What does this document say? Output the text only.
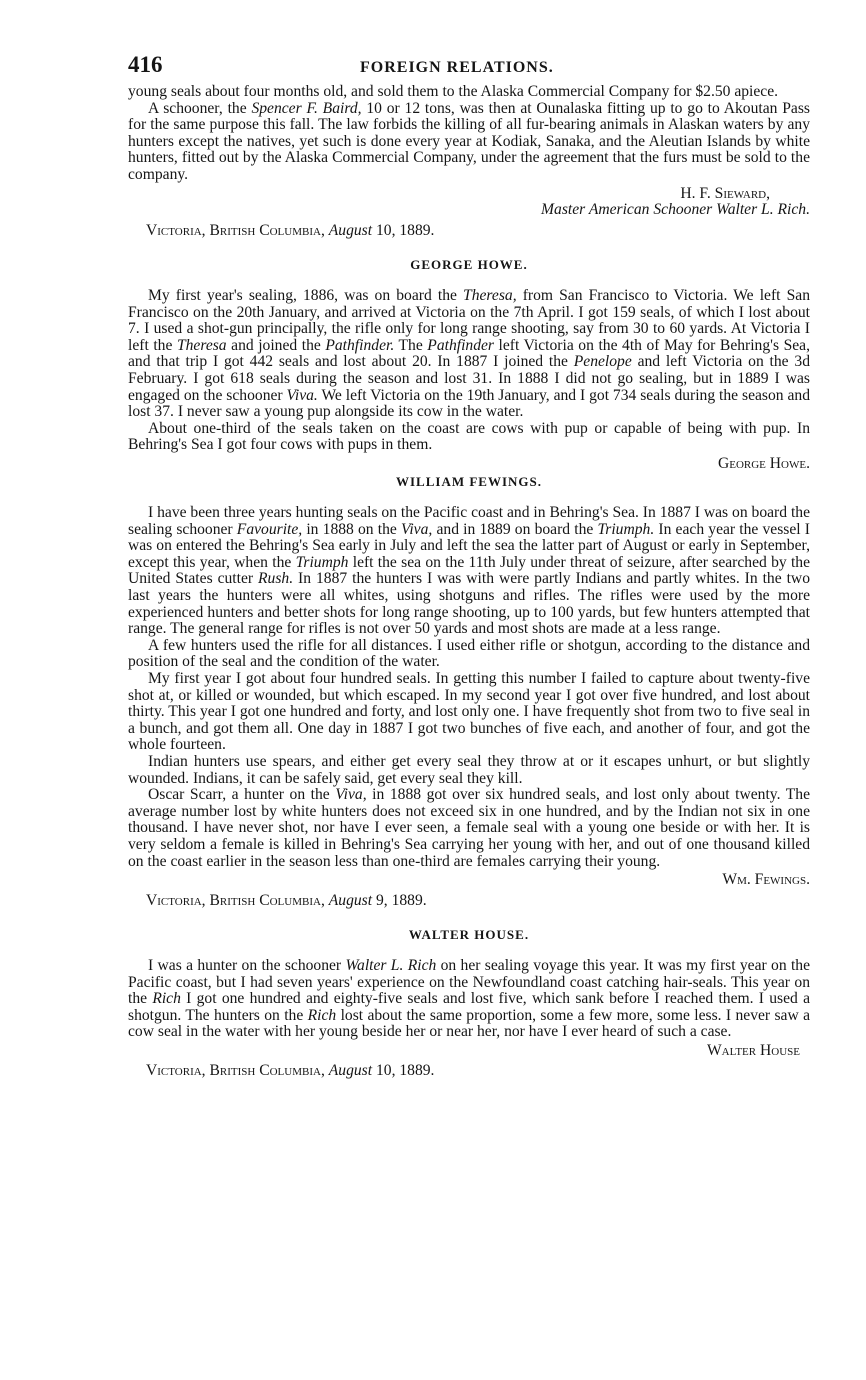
416	FOREIGN RELATIONS.

young seals about four months old, and sold them to the Alaska Commercial Company for $2.50 apiece.

A schooner, the Spencer F. Baird, 10 or 12 tons, was then at Ounalaska fitting up to go to Akoutan Pass for the same purpose this fall. The law forbids the killing of all fur-bearing animals in Alaskan waters by any hunters except the natives, yet such is done every year at Kodiak, Sanaka, and the Aleutian Islands by white hunters, fitted out by the Alaska Commercial Company, under the agreement that the furs must be sold to the company.

H. F. Sieward,

Master American Schooner Walter L. Rich.

Victoria, British Columbia, August 10, 1889.

GEORGE HOWE.

My first year's sealing, 1886, was on board the Theresa, from San Francisco to Victoria. We left San Francisco on the 20th January, and arrived at Victoria on the 7th April. I got 159 seals, of which I lost about 7. I used a shot-gun principally, the rifle only for long range shooting, say from 30 to 60 yards. At Victoria I left the Theresa and joined the Pathfinder. The Pathfinder left Victoria on the 4th of May for Behring's Sea, and that trip I got 442 seals and lost about 20. In 1887 I joined the Penelope and left Victoria on the 3d February. I got 618 seals during the season and lost 31. In 1888 I did not go sealing, but in 1889 I was engaged on the schooner Viva. We left Victoria on the 19th January, and I got 734 seals during the season and lost 37. I never saw a young pup alongside its cow in the water.

About one-third of the seals taken on the coast are cows with pup or capable of being with pup. In Behring's Sea I got four cows with pups in them.

George Howe.

WILLIAM FEWINGS.

I have been three years hunting seals on the Pacific coast and in Behring's Sea. In 1887 I was on board the sealing schooner Favourite, in 1888 on the Viva, and in 1889 on board the Triumph. In each year the vessel I was on entered the Behring's Sea early in July and left the sea the latter part of August or early in September, except this year, when the Triumph left the sea on the 11th July under threat of seizure, after searched by the United States cutter Rush. In 1887 the hunters I was with were partly Indians and partly whites. In the two last years the hunters were all whites, using shotguns and rifles. The rifles were used by the more experienced hunters and better shots for long range shooting, up to 100 yards, but few hunters attempted that range. The general range for rifles is not over 50 yards and most shots are made at a less range.

A few hunters used the rifle for all distances. I used either rifle or shotgun, according to the distance and position of the seal and the condition of the water.

My first year I got about four hundred seals. In getting this number I failed to capture about twenty-five shot at, or killed or wounded, but which escaped. In my second year I got over five hundred, and lost about thirty. This year I got one hundred and forty, and lost only one. I have frequently shot from two to five seal in a bunch, and got them all. One day in 1887 I got two bunches of five each, and another of four, and got the whole fourteen.

Indian hunters use spears, and either get every seal they throw at or it escapes unhurt, or but slightly wounded. Indians, it can be safely said, get every seal they kill.

Oscar Scarr, a hunter on the Viva, in 1888 got over six hundred seals, and lost only about twenty. The average number lost by white hunters does not exceed six in one hundred, and by the Indian not six in one thousand. I have never shot, nor have I ever seen, a female seal with a young one beside or with her. It is very seldom a female is killed in Behring's Sea carrying her young with her, and out of one thousand killed on the coast earlier in the season less than one-third are females carrying their young.

Wm. Fewings.

Victoria, British Columbia, August 9, 1889.

WALTER HOUSE.

I was a hunter on the schooner Walter L. Rich on her sealing voyage this year. It was my first year on the Pacific coast, but I had seven years' experience on the Newfoundland coast catching hair-seals. This year on the Rich I got one hundred and eighty-five seals and lost five, which sank before I reached them. I used a shotgun. The hunters on the Rich lost about the same proportion, some a few more, some less. I never saw a cow seal in the water with her young beside her or near her, nor have I ever heard of such a case.

Walter House

Victoria, British Columbia, August 10, 1889.
